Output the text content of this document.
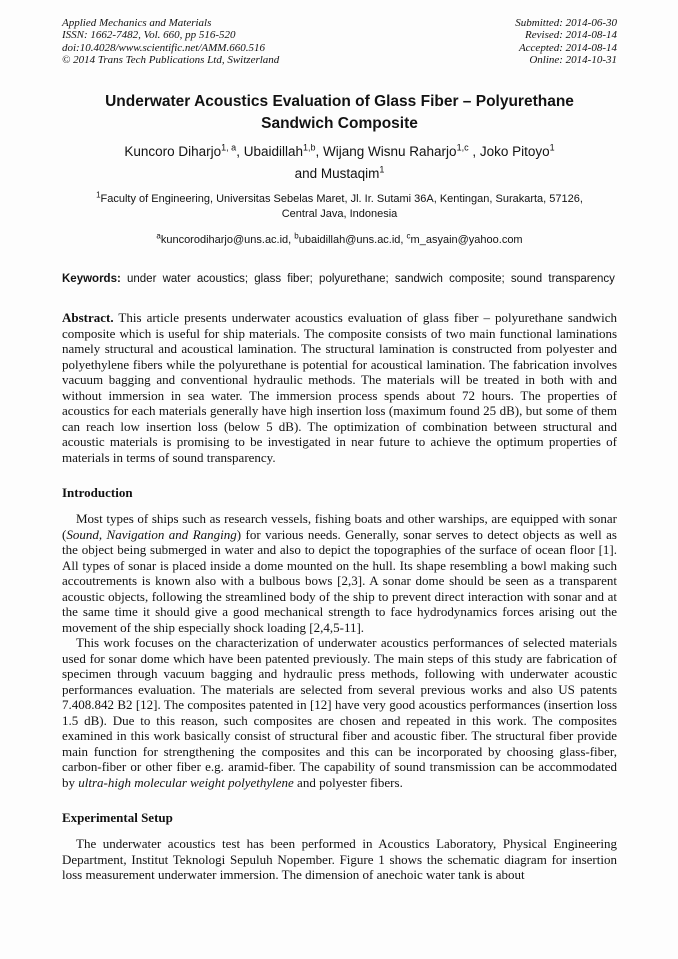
Applied Mechanics and Materials
ISSN: 1662-7482, Vol. 660, pp 516-520
doi:10.4028/www.scientific.net/AMM.660.516
© 2014 Trans Tech Publications Ltd, Switzerland
Submitted: 2014-06-30
Revised: 2014-08-14
Accepted: 2014-08-14
Online: 2014-10-31
Underwater Acoustics Evaluation of Glass Fiber – Polyurethane Sandwich Composite
Kuncoro Diharjo$^{1, a}$, Ubaidillah$^{1,b}$, Wijang Wisnu Raharjo$^{1,c}$ , Joko Pitoyo$^1$
and Mustaqim$^1$
$^1$Faculty of Engineering, Universitas Sebelas Maret, Jl. Ir. Sutami 36A, Kentingan, Surakarta, 57126, Central Java, Indonesia
$^a$kuncorodiharjo@uns.ac.id, $^b$ubaidillah@uns.ac.id, $^c$m_asyain@yahoo.com
Keywords: under water acoustics; glass fiber; polyurethane; sandwich composite; sound transparency
Abstract. This article presents underwater acoustics evaluation of glass fiber – polyurethane sandwich composite which is useful for ship materials. The composite consists of two main functional laminations namely structural and acoustical lamination. The structural lamination is constructed from polyester and polyethylene fibers while the polyurethane is potential for acoustical lamination. The fabrication involves vacuum bagging and conventional hydraulic methods. The materials will be treated in both with and without immersion in sea water. The immersion process spends about 72 hours. The properties of acoustics for each materials generally have high insertion loss (maximum found 25 dB), but some of them can reach low insertion loss (below 5 dB). The optimization of combination between structural and acoustic materials is promising to be investigated in near future to achieve the optimum properties of materials in terms of sound transparency.
Introduction

Most types of ships such as research vessels, fishing boats and other warships, are equipped with sonar (Sound, Navigation and Ranging) for various needs. Generally, sonar serves to detect objects as well as the object being submerged in water and also to depict the topographies of the surface of ocean floor [1]. All types of sonar is placed inside a dome mounted on the hull. Its shape resembling a bowl making such accoutrements is known also with a bulbous bows [2,3]. A sonar dome should be seen as a transparent acoustic objects, following the streamlined body of the ship to prevent direct interaction with sonar and at the same time it should give a good mechanical strength to face hydrodynamics forces arising out the movement of the ship especially shock loading [2,4,5-11].

This work focuses on the characterization of underwater acoustics performances of selected materials used for sonar dome which have been patented previously. The main steps of this study are fabrication of specimen through vacuum bagging and hydraulic press methods, following with underwater acoustic performances evaluation. The materials are selected from several previous works and also US patents 7.408.842 B2 [12]. The composites patented in [12] have very good acoustics performances (insertion loss 1.5 dB). Due to this reason, such composites are chosen and repeated in this work. The composites examined in this work basically consist of structural fiber and acoustic fiber. The structural fiber provide main function for strengthening the composites and this can be incorporated by choosing glass-fiber, carbon-fiber or other fiber e.g. aramid-fiber. The capability of sound transmission can be accommodated by ultra-high molecular weight polyethylene and polyester fibers.

Experimental Setup

The underwater acoustics test has been performed in Acoustics Laboratory, Physical Engineering Department, Institut Teknologi Sepuluh Nopember. Figure 1 shows the schematic diagram for insertion loss measurement underwater immersion. The dimension of anechoic water tank is about
